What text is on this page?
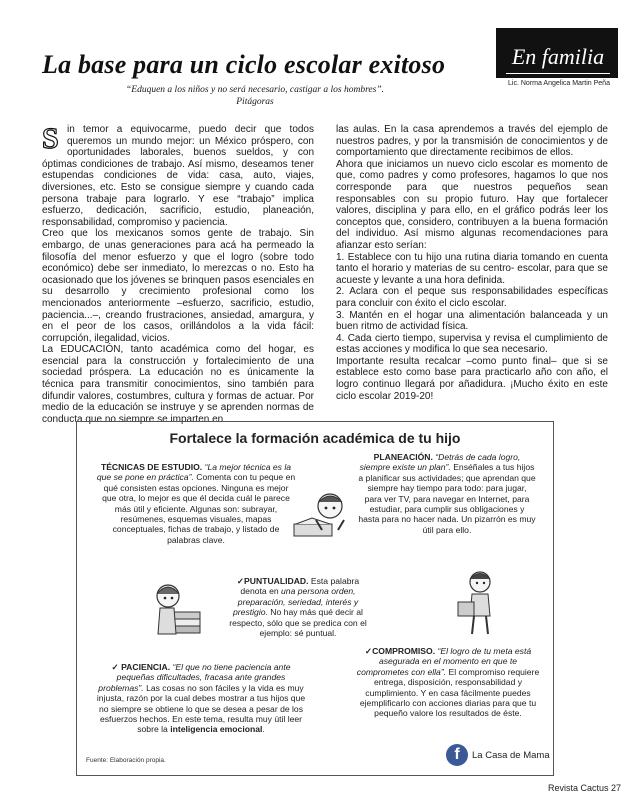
La base para un ciclo escolar exitoso
“Eduquen a los niños y no será necesario, castigar a los hombres”.
Pitágoras
En familia
Lic. Norma Angelica Martin Peña

Sin temor a equivocarme, puedo decir que todos queremos un mundo mejor: un México próspero, con oportunidades laborales, buenos sueldos, y con óptimas condiciones de trabajo. Así mismo, deseamos tener estupendas condiciones de vida: casa, auto, viajes, diversiones, etc. Esto se consigue siempre y cuando cada persona trabaje para lograrlo. Y ese “trabajo” implica esfuerzo, dedicación, sacrificio, estudio, planeación, responsabilidad, compromiso y paciencia.

Creo que los mexicanos somos gente de trabajo. Sin embargo, de unas generaciones para acá ha permeado la filosofía del menor esfuerzo y que el logro (sobre todo económico) debe ser inmediato, lo merezcas o no. Esto ha ocasionado que los jóvenes se brinquen pasos esenciales en su desarrollo y crecimiento profesional como los mencionados anteriormente –esfuerzo, sacrificio, estudio, paciencia...–, creando frustraciones, ansiedad, amargura, y en el peor de los casos, orillándolos a la vida fácil: corrupción, ilegalidad, vicios.

La EDUCACIÓN, tanto académica como del hogar, es esencial para la construcción y fortalecimiento de una sociedad próspera. La educación no es únicamente la técnica para transmitir conocimientos, sino también para difundir valores, costumbres, cultura y formas de actuar. Por medio de la educación se instruye y se aprenden normas de conducta que no siempre se imparten en

las aulas. En la casa aprendemos a través del ejemplo de nuestros padres, y por la transmisión de conocimientos y de comportamiento que directamente recibimos de ellos.

Ahora que iniciamos un nuevo ciclo escolar es momento de que, como padres y como profesores, hagamos lo que nos corresponde para que nuestros pequeños sean responsables con su propio futuro. Hay que fortalecer valores, disciplina y para ello, en el gráfico podrás leer los conceptos que, considero, contribuyen a la buena formación del individuo. Así mismo algunas recomendaciones para afianzar esto serían:

1. Establece con tu hijo una rutina diaria tomando en cuenta tanto el horario y materias de su centro- escolar, para que se acueste y levante a una hora definida.

2. Aclara con el peque sus responsabilidades específicas para concluir con éxito el ciclo escolar.

3. Mantén en el hogar una alimentación balanceada y un buen ritmo de actividad física.

4. Cada cierto tiempo, supervisa y revisa el cumplimiento de estas acciones y modifica lo que sea necesario.

Importante resulta recalcar –como punto final– que si se establece esto como base para practicarlo año con año, el logro continuo llegará por añadidura. ¡Mucho éxito en este ciclo escolar 2019-20!

Fortalece la formación académica de tu hijo
TÉCNICAS DE ESTUDIO. “La mejor técnica es la que se pone en práctica”. Comenta con tu peque en qué consisten estas opciones. Ninguna es mejor que otra, lo mejor es que él decida cuál le parece más útil y eficiente. Algunas son: subrayar, resúmenes, esquemas visuales, mapas conceptuales, fichas de trabajo, y listado de palabras clave.
PLANEACIÓN. “Detrás de cada logro, siempre existe un plan”. Enséñales a tus hijos a planificar sus actividades; que aprendan que siempre hay tiempo para todo: para jugar, para ver TV, para navegar en Internet, para estudiar, para cumplir sus obligaciones y hasta para no hacer nada. Un pizarrón es muy útil para ello.
✓PUNTUALIDAD. Esta palabra denota en una persona orden, preparación, seriedad, interés y prestigio. No hay más qué decir al respecto, sólo que se predica con el ejemplo: sé puntual.
✓COMPROMISO. “El logro de tu meta está asegurada en el momento en que te comprometes con ella”. El compromiso requiere entrega, disposición, responsabilidad y cumplimiento. Y en casa fácilmente puedes ejemplificarlo con acciones diarias para que tu pequeño valore los resultados de éste.
✓ PACIENCIA. “El que no tiene paciencia ante pequeñas dificultades, fracasa ante grandes problemas”. Las cosas no son fáciles y la vida es muy injusta, razón por la cual debes mostrar a tus hijos que no siempre se obtiene lo que se desea a pesar de los esfuerzos hechos. En este tema, resulta muy útil leer sobre la inteligencia emocional.
Fuente: Elaboración propia.	f	La Casa de Mama
Revista Cactus 27
